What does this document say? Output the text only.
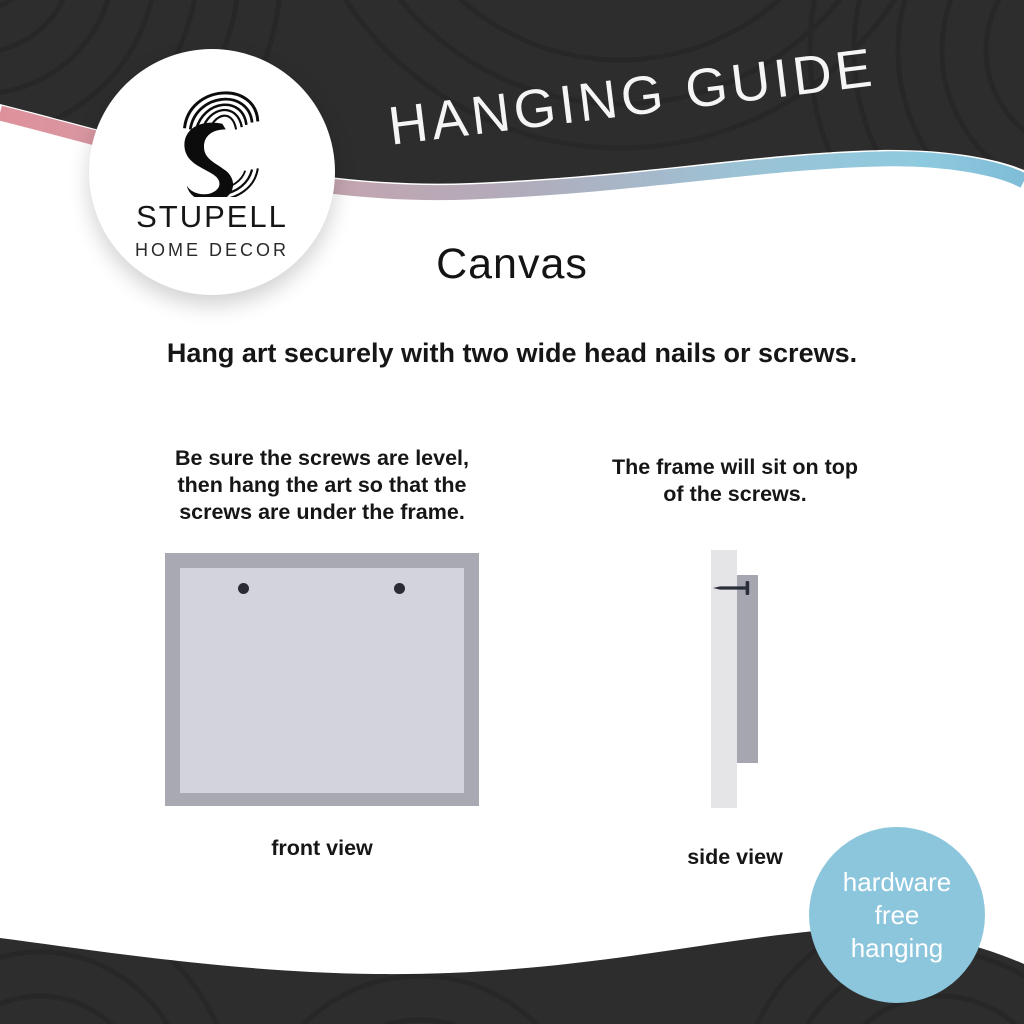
HANGING GUIDE
STUPELL
HOME DECOR	Canvas
Hang art securely with two wide head nails or screws.
Be sure the screws are level,
then hang the art so that the
screws are under the frame.
The frame will sit on top
of the screws.
front view	side view
hardware
free
hanging
